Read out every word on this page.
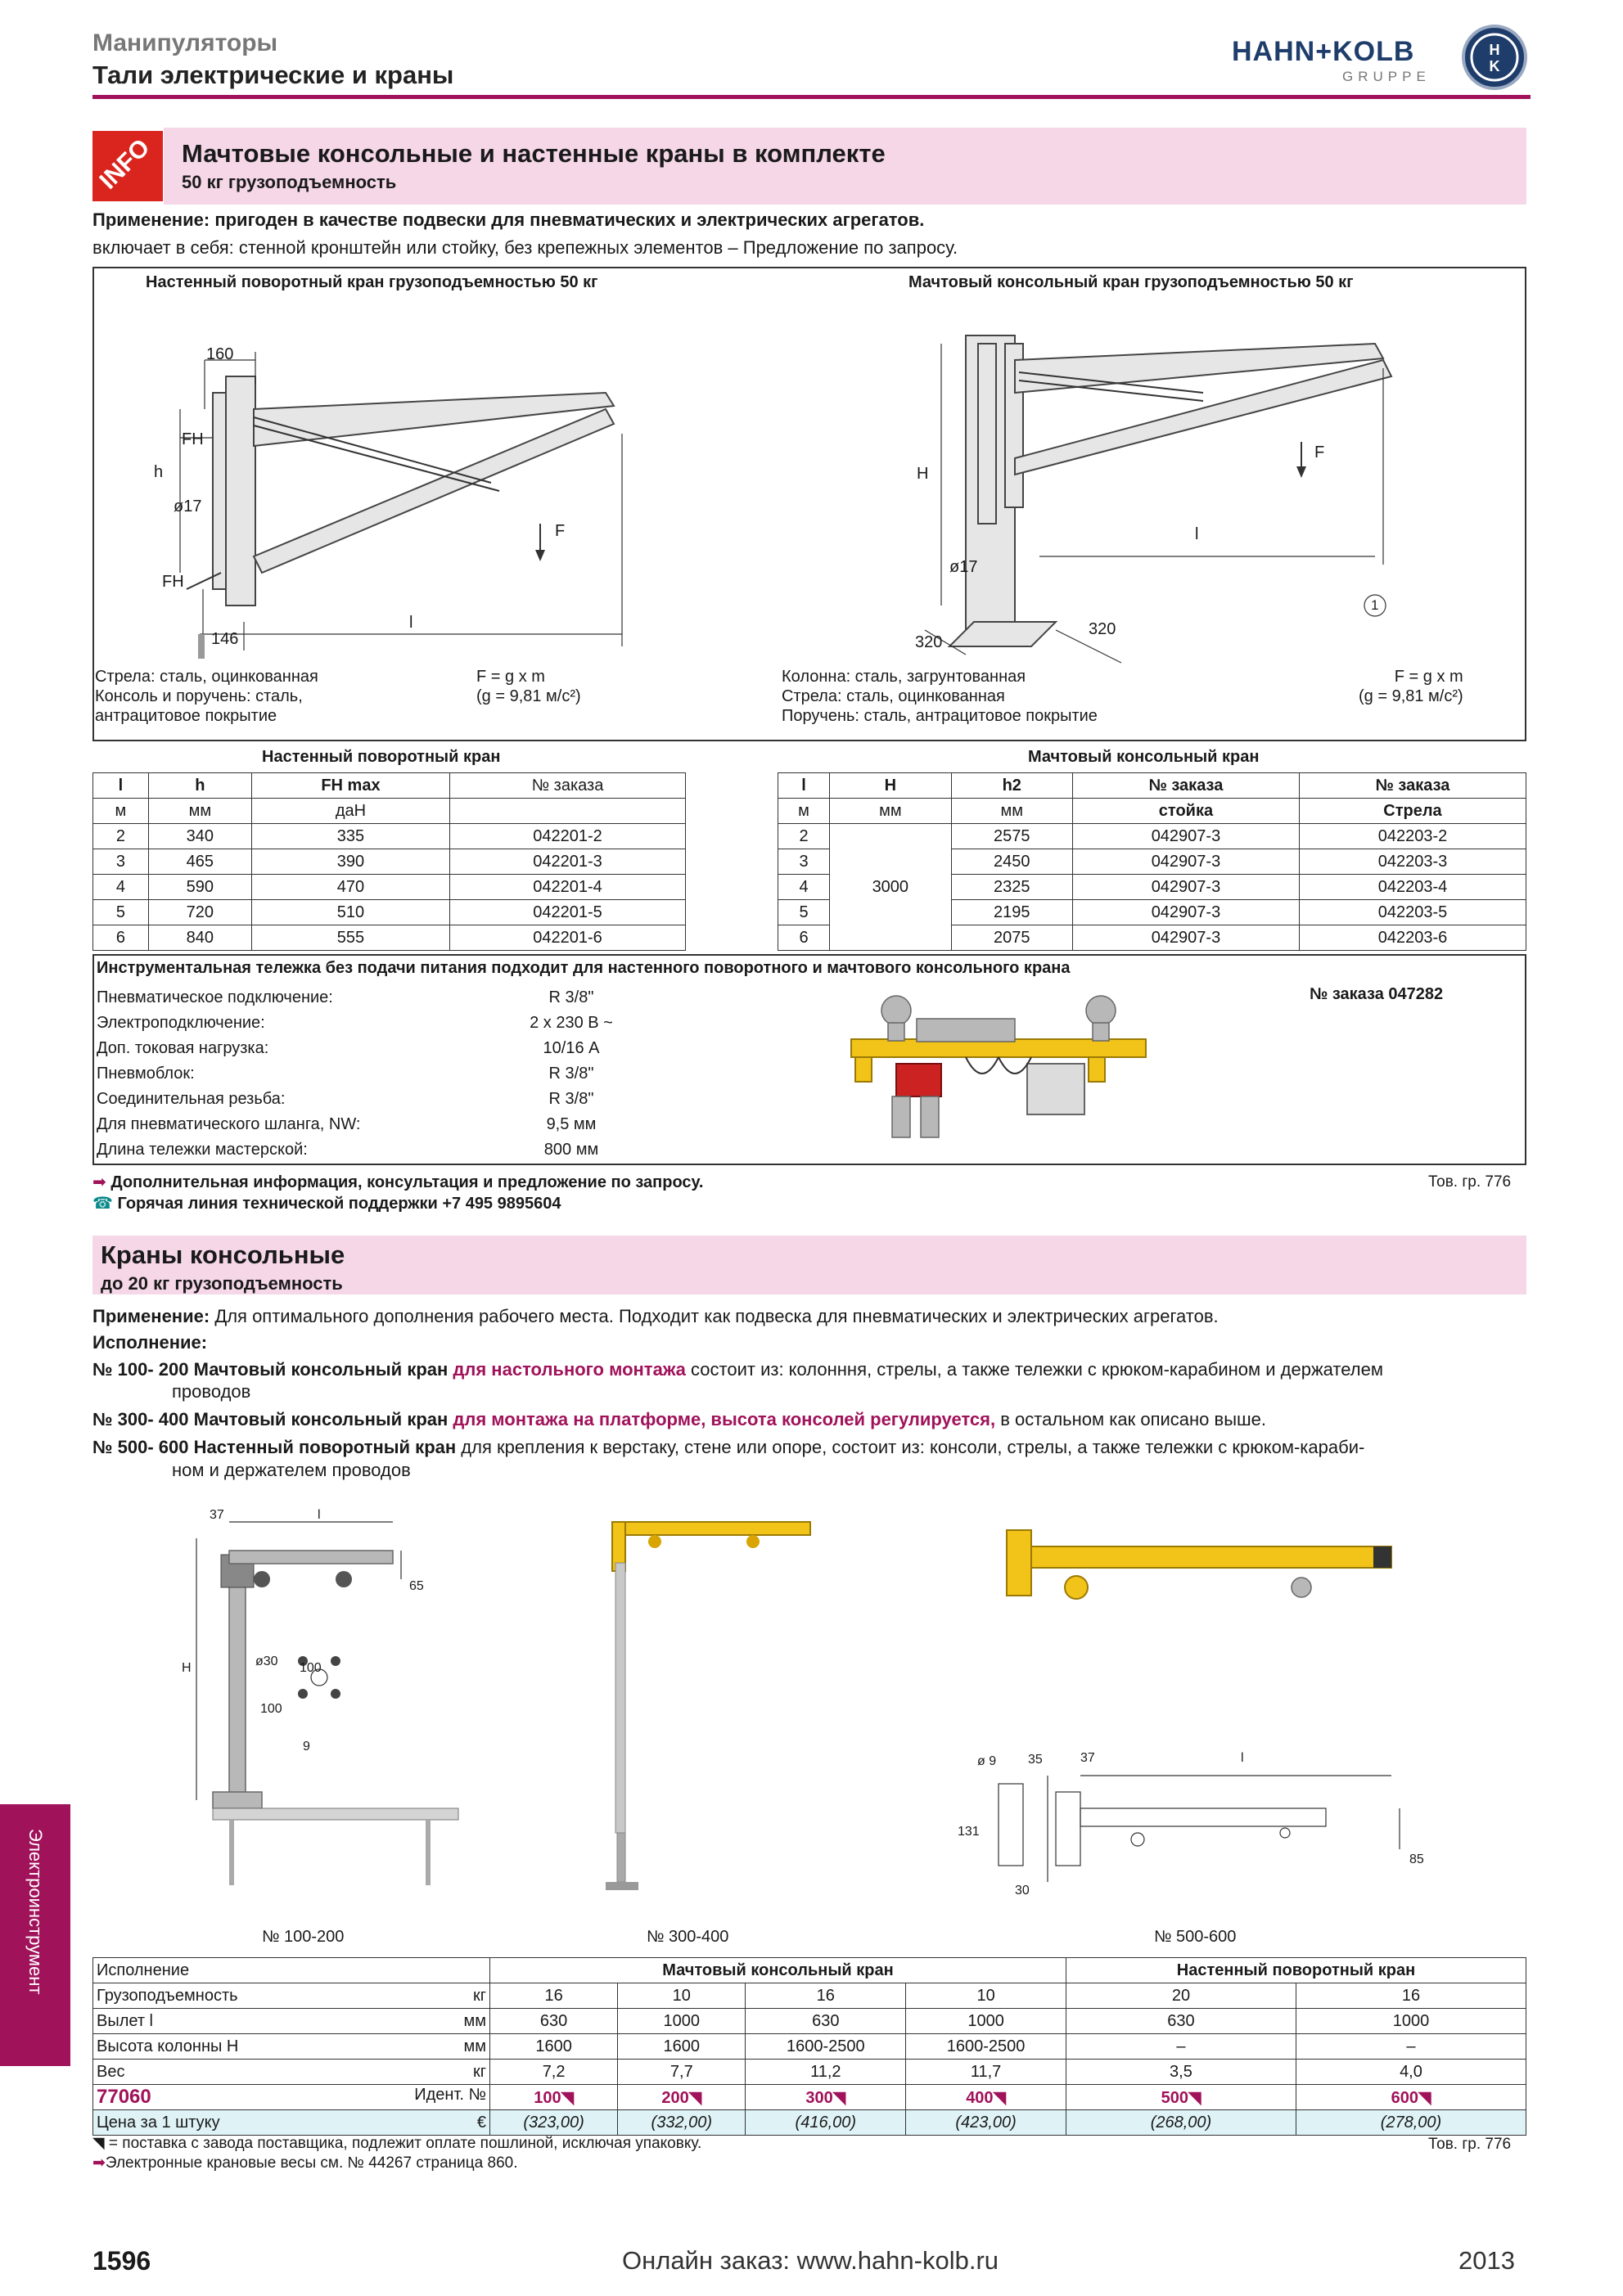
Манипуляторы
Тали электрические и краны
HAHN+KOLB
GRUPPE
H
K
INFO Мачтовые консольные и настенные краны в комплекте
50 кг грузоподъемность
Применение: пригоден в качестве подвески для пневматических и электрических агрегатов.
включает в себя: стенной кронштейн или стойку, без крепежных элементов – Предложение по запросу.
Настенный поворотный кран грузоподъемностью 50 кг	Мачтовый консольный кран грузоподъемностью 50 кг
160
FH
h
ø17
F
FH
146
l
H
F
l
ø17
320
320
1
Стрела: сталь, оцинкованная
Консоль и поручень: сталь,
антрацитовое покрытие
F = g x m
(g = 9,81 м/с²)
Колонна: сталь, загрунтованная
Стрела: сталь, оцинкованная
Поручень: сталь, антрацитовое покрытие
F = g x m
(g = 9,81 м/с²)
Настенный поворотный кран
l	h	FH max	№ заказа
м	мм	даН	
2	340	335	042201-2
3	465	390	042201-3
4	590	470	042201-4
5	720	510	042201-5
6	840	555	042201-6
Мачтовый консольный кран
l	H	h2	№ заказа	№ заказа
м	мм	мм	стойка	Стрела
2	3000	2575	042907-3	042203-2
3		2450	042907-3	042203-3
4		2325	042907-3	042203-4
5		2195	042907-3	042203-5
6		2075	042907-3	042203-6
Инструментальная тележка без подачи питания подходит для настенного поворотного и мачтового консольного крана
№ заказа 047282
Пневматическое подключение:	R 3/8"
Электроподключение:	2 x 230 В ~
Доп. токовая нагрузка:	10/16 А
Пневмоблок:	R 3/8"
Соединительная резьба:	R 3/8"
Для пневматического шланга, NW:	9,5 мм
Длина тележки мастерской:	800 мм
➡ Дополнительная информация, консультация и предложение по запросу.
☎ Горячая линия технической поддержки +7 495 9895604
Тов. гр. 776
Краны консольные
до 20 кг грузоподъемность
Применение: Для оптимального дополнения рабочего места. Подходит как подвеска для пневматических и электрических агрегатов.
Исполнение:
№ 100- 200 Мачтовый консольный кран для настольного монтажа состоит из: колонння, стрелы, а также тележки с крюком-карабином и держателем
проводов
№ 300- 400 Мачтовый консольный кран для монтажа на платформе, высота консолей регулируется, в остальном как описано выше.
№ 500- 600 Настенный поворотный кран для крепления к верстаку, стене или опоре, состоит из: консоли, стрелы, а также тележки с крюком-караби-
ном и держателем проводов
37	l
65
H	ø30 100
100
9
ø 9 35	37	l
131
30
85
№ 100-200	№ 300-400	№ 500-600
Исполнение	Мачтовый консольный кран				Настенный поворотный кран	
Грузоподъемность кг	16	10	16	10	20	16
Вылет l мм	630	1000	630	1000	630	1000
Высота колонны H мм	1600	1600	1600-2500	1600-2500	–	–
Вес кг	7,2	7,7	11,2	11,7	3,5	4,0
77060 Идент. №	100◥	200◥	300◥	400◥	500◥	600◥
Цена за 1 штуку €	(323,00)	(332,00)	(416,00)	(423,00)	(268,00)	(278,00)
◥ = поставка с завода поставщика, подлежит оплате пошлиной, исключая упаковку.
➡Электронные крановые весы см. № 44267 страница 860.
Тов. гр. 776
Электроинструмент
1596	Онлайн заказ: www.hahn-kolb.ru	2013
